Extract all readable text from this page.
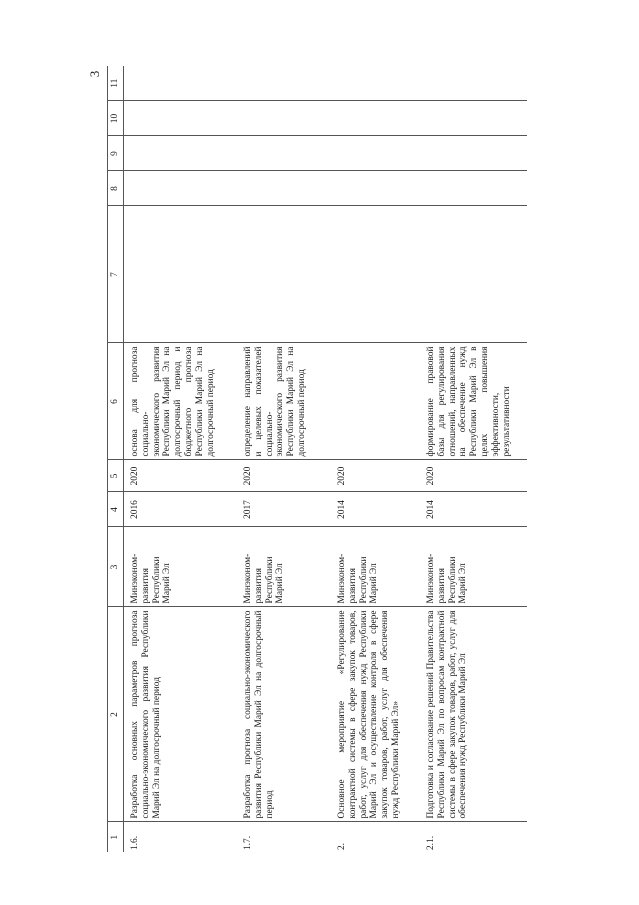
3
1	2	3	4	5	6	7	8	9	10	11
1.6.	Разработка основных параметров прогноза социально-экономического развития Республики Марий Эл на долгосрочный период	Минэконом- развития Республики Марий Эл	2016	2020	основа для прогноза социально- экономического развития Республики Марий Эл на долгосрочный период и бюджетного прогноза Республики Марий Эл на долгосрочный период					
1.7.	Разработка прогноза социально-экономического развития Республики Марий Эл на долгосрочный период	Минэконом- развития Республики Марий Эл	2017	2020	определение направлений и целевых показателей социально- экономического развития Республики Марий Эл на долгосрочный период					
2.	Основное мероприятие «Регулирование контрактной системы в сфере закупок товаров, работ, услуг для обеспечения нужд Республики Марий Эл и осуществление контроля в сфере закупок товаров, работ, услуг для обеспечения нужд Республики Марий Эл»	Минэконом- развития Республики Марий Эл	2014	2020						
2.1.	Подготовка и согласование решений Правительства Республики Марий Эл по вопросам контрактной системы в сфере закупок товаров, работ, услуг для обеспечения нужд Республики Марий Эл	Минэконом- развития Республики Марий Эл	2014	2020	формирование правовой базы для регулирования отношений, направленных на обеспечение нужд Республики Марий Эл в целях повышения эффективности, результативности					
